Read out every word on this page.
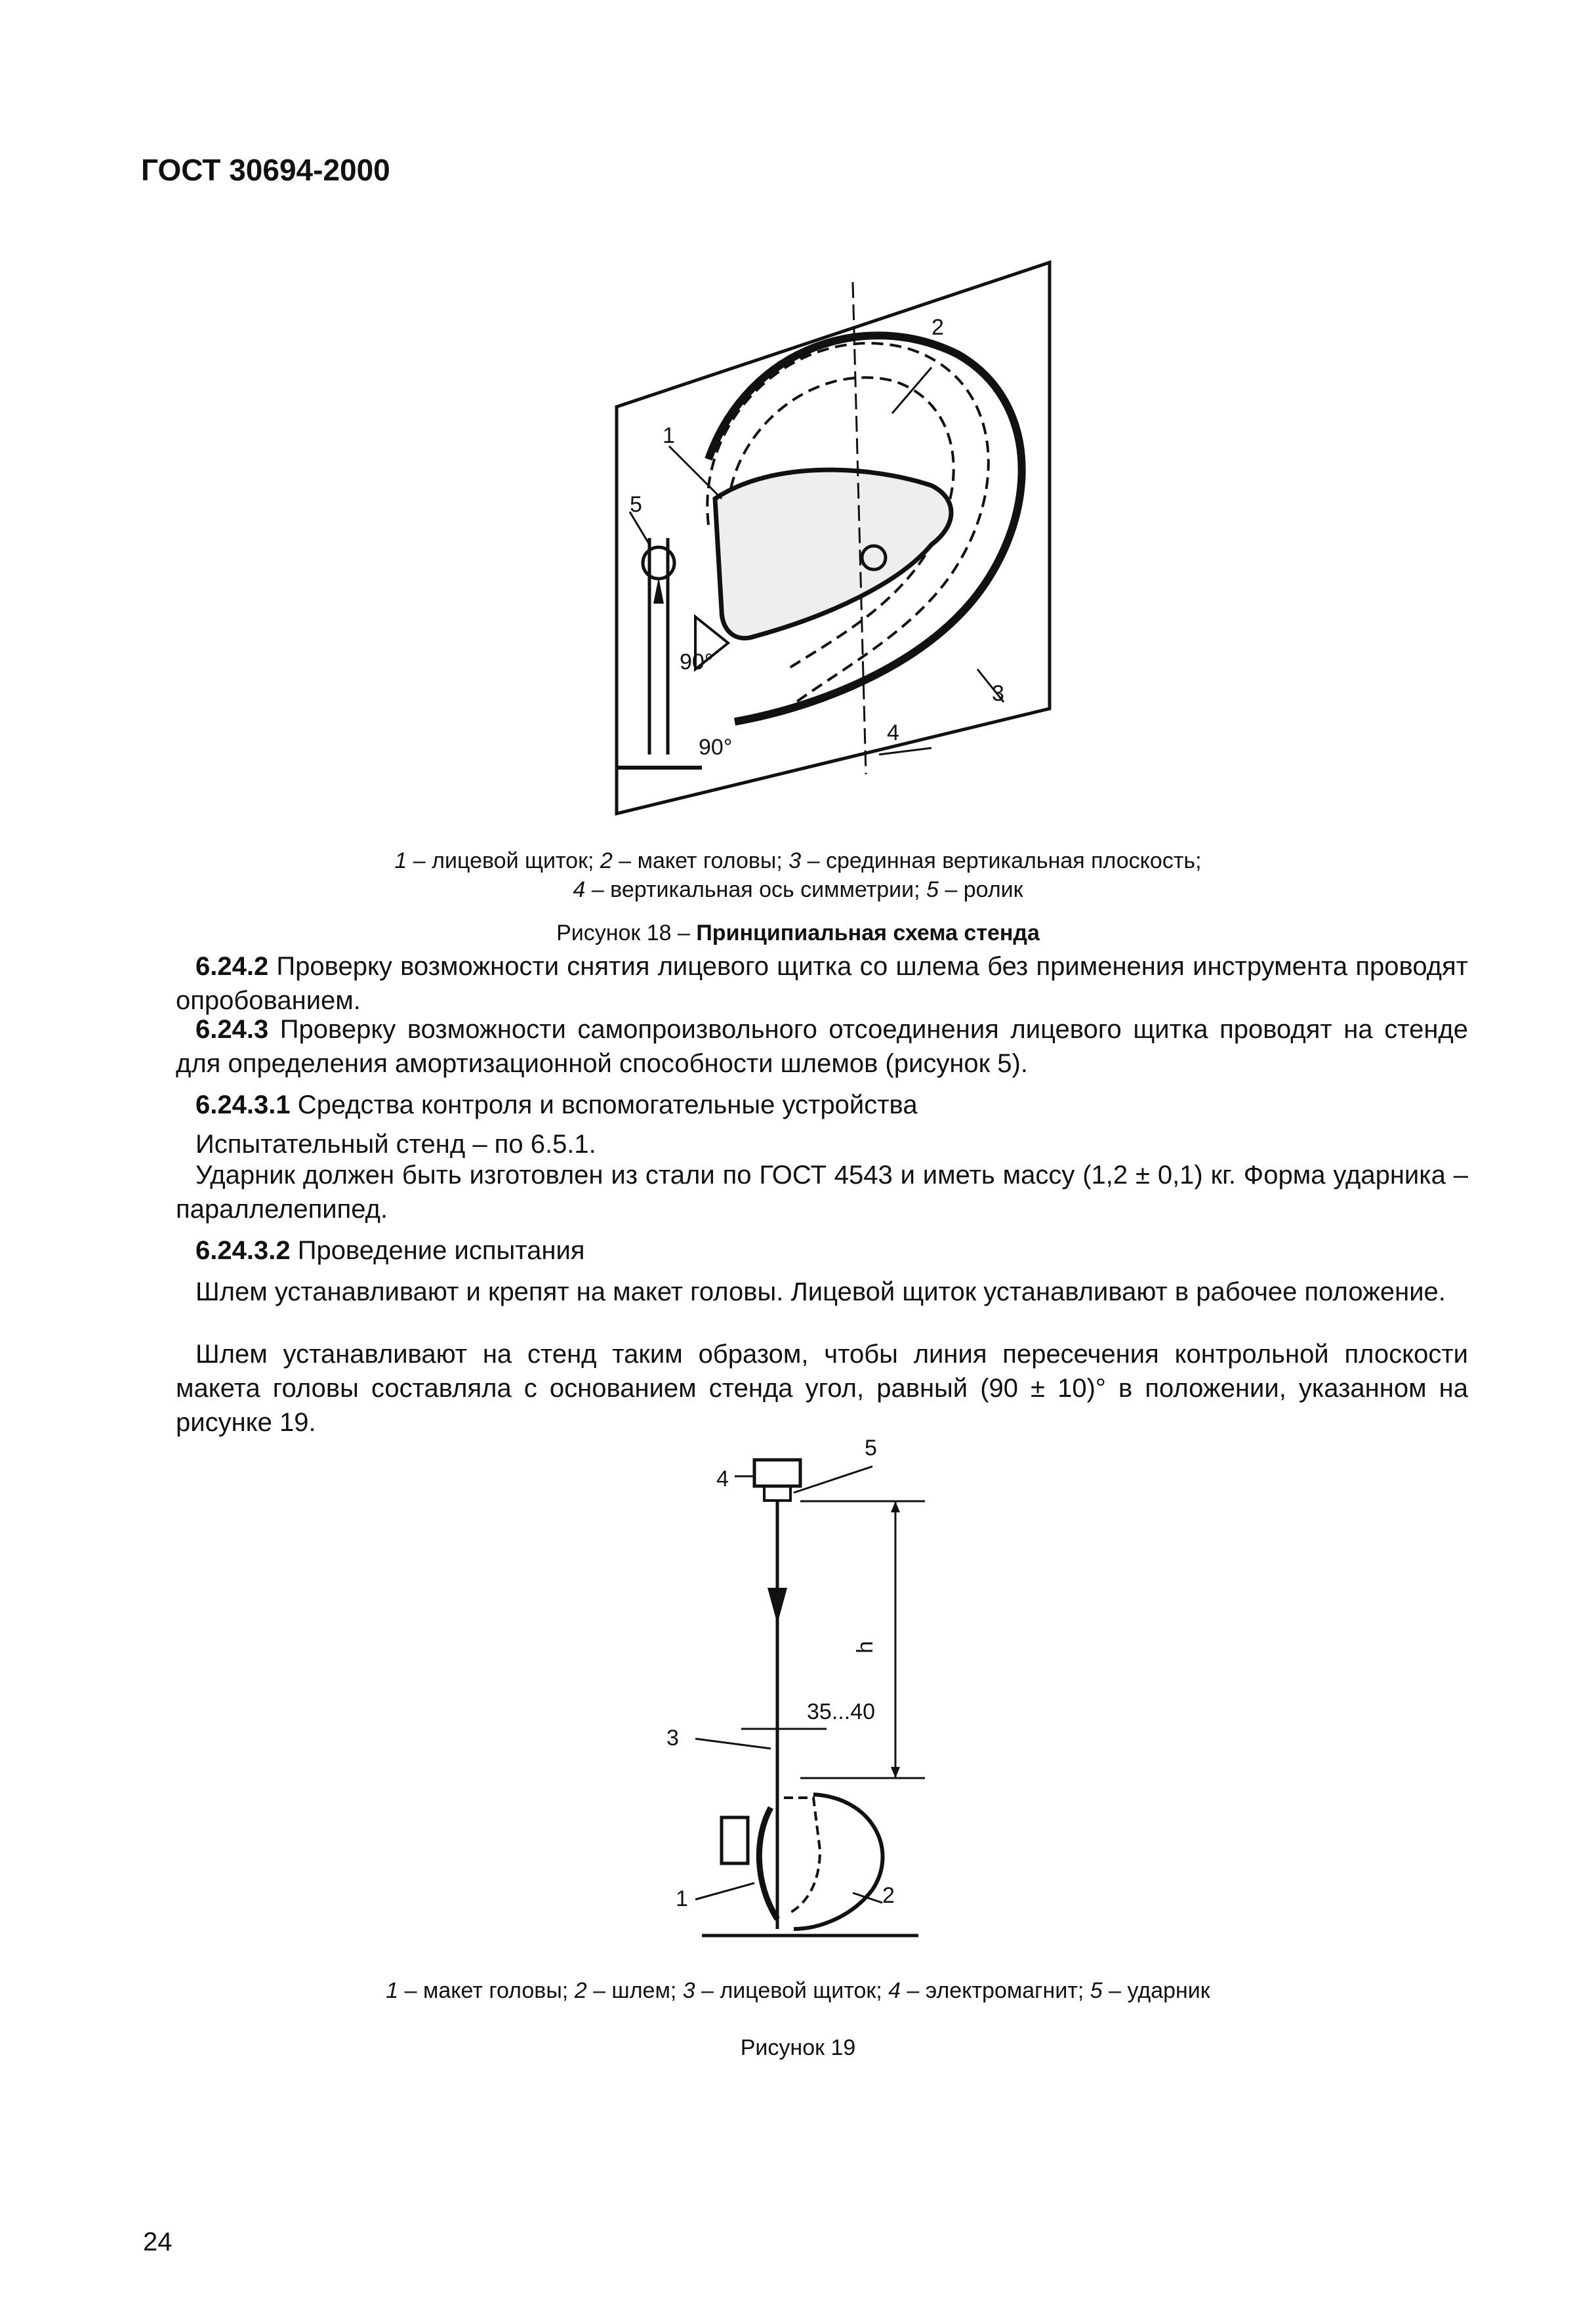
ГОСТ 30694-2000
1
2
3
4
5
90°
90°
1 – лицевой щиток; 2 – макет головы; 3 – срединная вертикальная плоскость;
4 – вертикальная ось симметрии; 5 – ролик
Рисунок 18 – Принципиальная схема стенда
6.24.2 Проверку возможности снятия лицевого щитка со шлема без применения инструмента проводят опробованием.
6.24.3 Проверку возможности самопроизвольного отсоединения лицевого щитка проводят на стенде для определения амортизационной способности шлемов (рисунок 5).
6.24.3.1 Средства контроля и вспомогательные устройства
Испытательный стенд – по 6.5.1.
Ударник должен быть изготовлен из стали по ГОСТ 4543 и иметь массу (1,2 ± 0,1) кг. Форма ударника – параллелепипед.
6.24.3.2 Проведение испытания
Шлем устанавливают и крепят на макет головы. Лицевой щиток устанавливают в рабочее положение.
Шлем устанавливают на стенд таким образом, чтобы линия пересечения контрольной плоскости макета головы составляла с основанием стенда угол, равный (90 ± 10)° в положении, указанном на рисунке 19.
4
5
3
1	2
h
35...40
1 – макет головы; 2 – шлем; 3 – лицевой щиток; 4 – электромагнит; 5 – ударник
Рисунок 19
24
